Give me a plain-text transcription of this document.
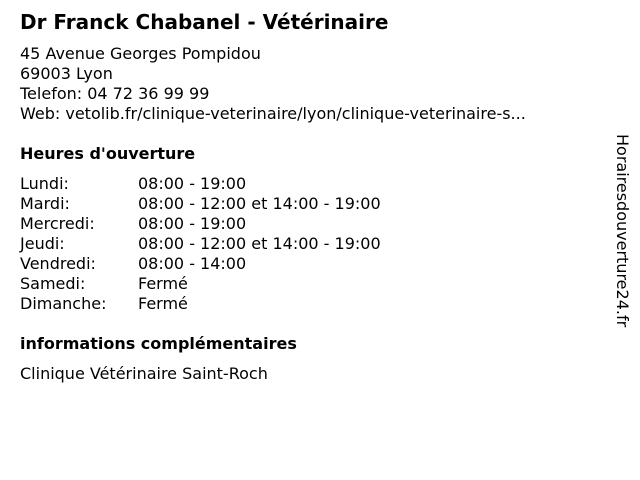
Dr Franck Chabanel - Vétérinaire
45 Avenue Georges Pompidou
69003 Lyon
Telefon: 04 72 36 99 99
Web: vetolib.fr/clinique-veterinaire/lyon/clinique-veterinaire-s...
Heures d'ouverture
Lundi:	08:00 - 19:00
Mardi:	08:00 - 12:00 et 14:00 - 19:00
Mercredi:	08:00 - 19:00
Jeudi:	08:00 - 12:00 et 14:00 - 19:00
Vendredi:	08:00 - 14:00
Samedi:	Fermé
Dimanche: Fermé
informations complémentaires
Clinique Vétérinaire Saint-Roch
Horairesdouverture24.fr
